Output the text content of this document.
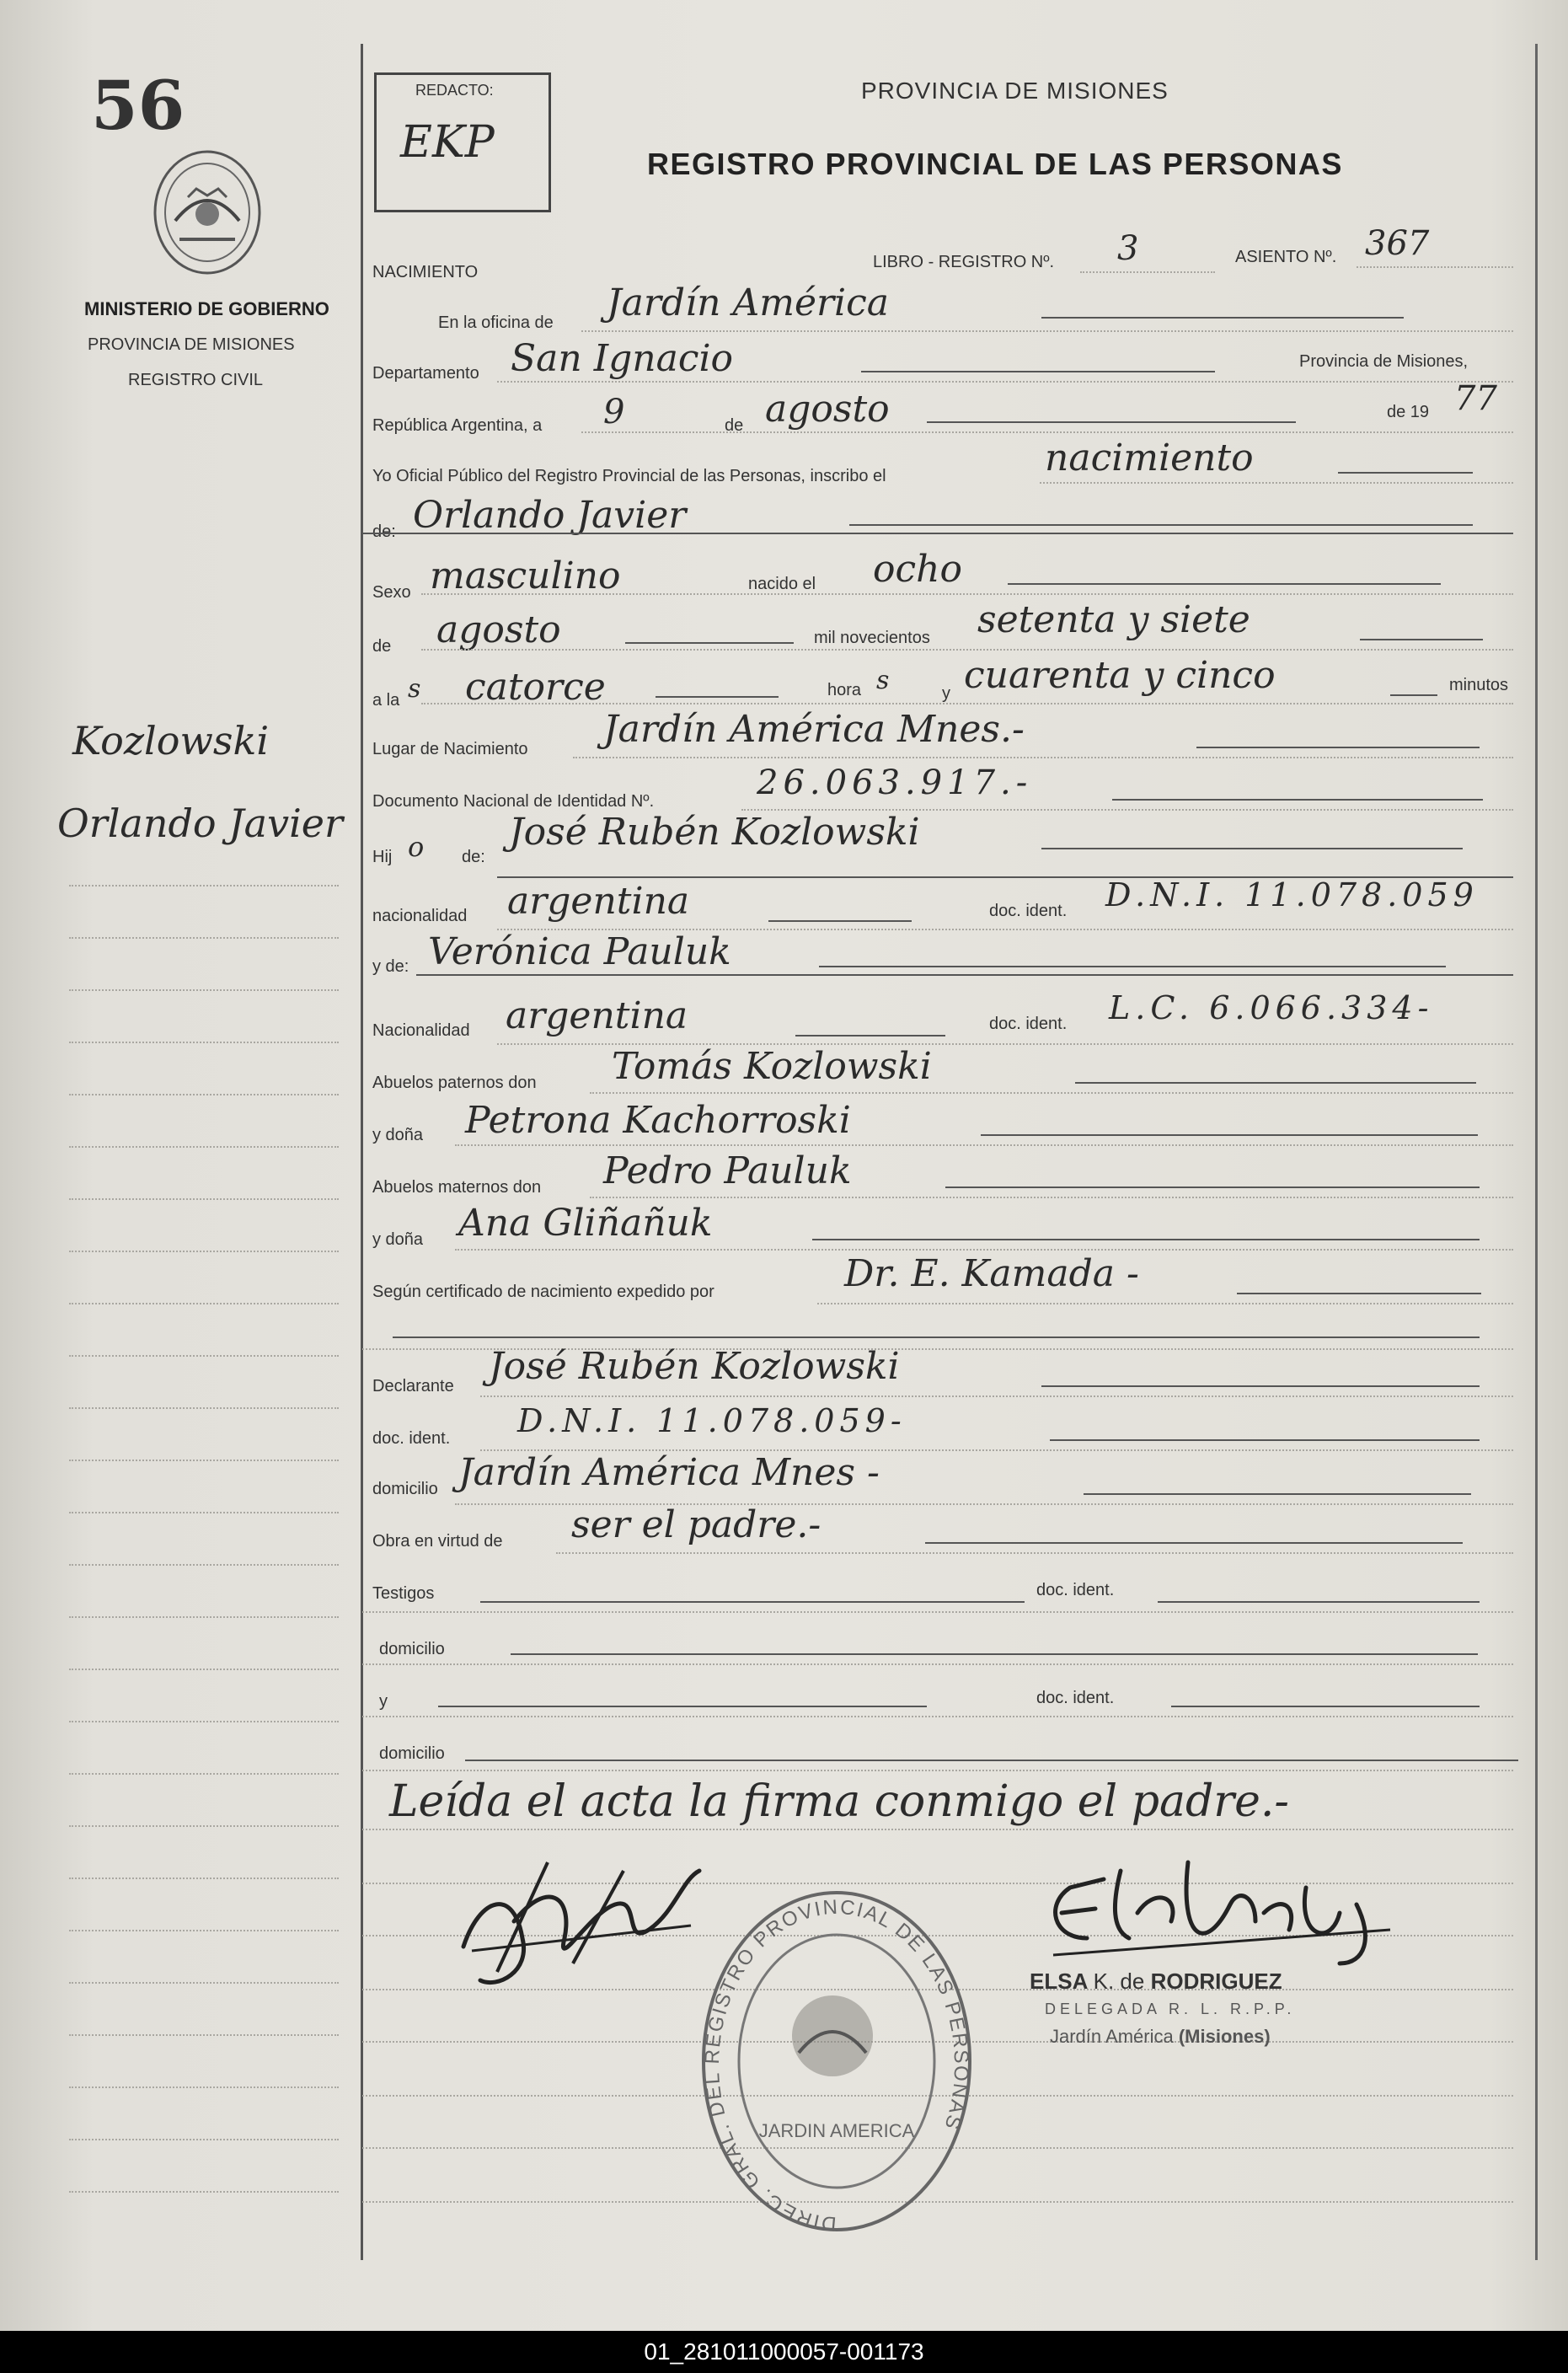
56
MINISTERIO DE GOBIERNO
PROVINCIA DE MISIONES
REGISTRO CIVIL
Kozlowski
Orlando Javier
REDACTO:
EKP
PROVINCIA DE MISIONES
REGISTRO PROVINCIAL DE LAS PERSONAS
NACIMIENTO
LIBRO - REGISTRO Nº. 3	ASIENTO Nº. 367
En la oficina de Jardín América
Departamento San Ignacio	Provincia de Misiones,
República Argentina, a 9	de agosto	de 19 77
Yo Oficial Público del Registro Provincial de las Personas, inscribo el	nacimiento
de: Orlando Javier
Sexo masculino	nacido el ocho
de agosto	mil novecientos setenta y siete
a la s catorce	hora s	y cuarenta y cinco	minutos
Lugar de Nacimiento Jardín América Mnes.-
Documento Nacional de Identidad Nº.	26.063.917.-
Hij o de:
José Rubén Kozlowski
nacionalidad argentina	doc. ident. D.N.I. 11.078.059
y de: Verónica Pauluk
Nacionalidad argentina	doc. ident. L.C. 6.066.334-
Abuelos paternos don Tomás Kozlowski
y doña Petrona Kachorroski
Abuelos maternos don Pedro Pauluk
y doña Ana Gliñañuk
Según certificado de nacimiento expedido por	Dr. E. Kamada -
Declarante José Rubén Kozlowski
doc. ident. D.N.I. 11.078.059-
domicilio Jardín América Mnes -
Obra en virtud de ser el padre.-
Testigos	doc. ident.
domicilio
y	doc. ident.
domicilio
Leída el acta la firma conmigo el padre.-
DIREC. GRAL. DEL REGISTRO PROVINCIAL DE LAS PERSONAS
JARDIN AMERICA
ELSA K. de RODRIGUEZ
DELEGADA R. L. R.P.P.
Jardín América (Misiones)
01_281011000057-001173
